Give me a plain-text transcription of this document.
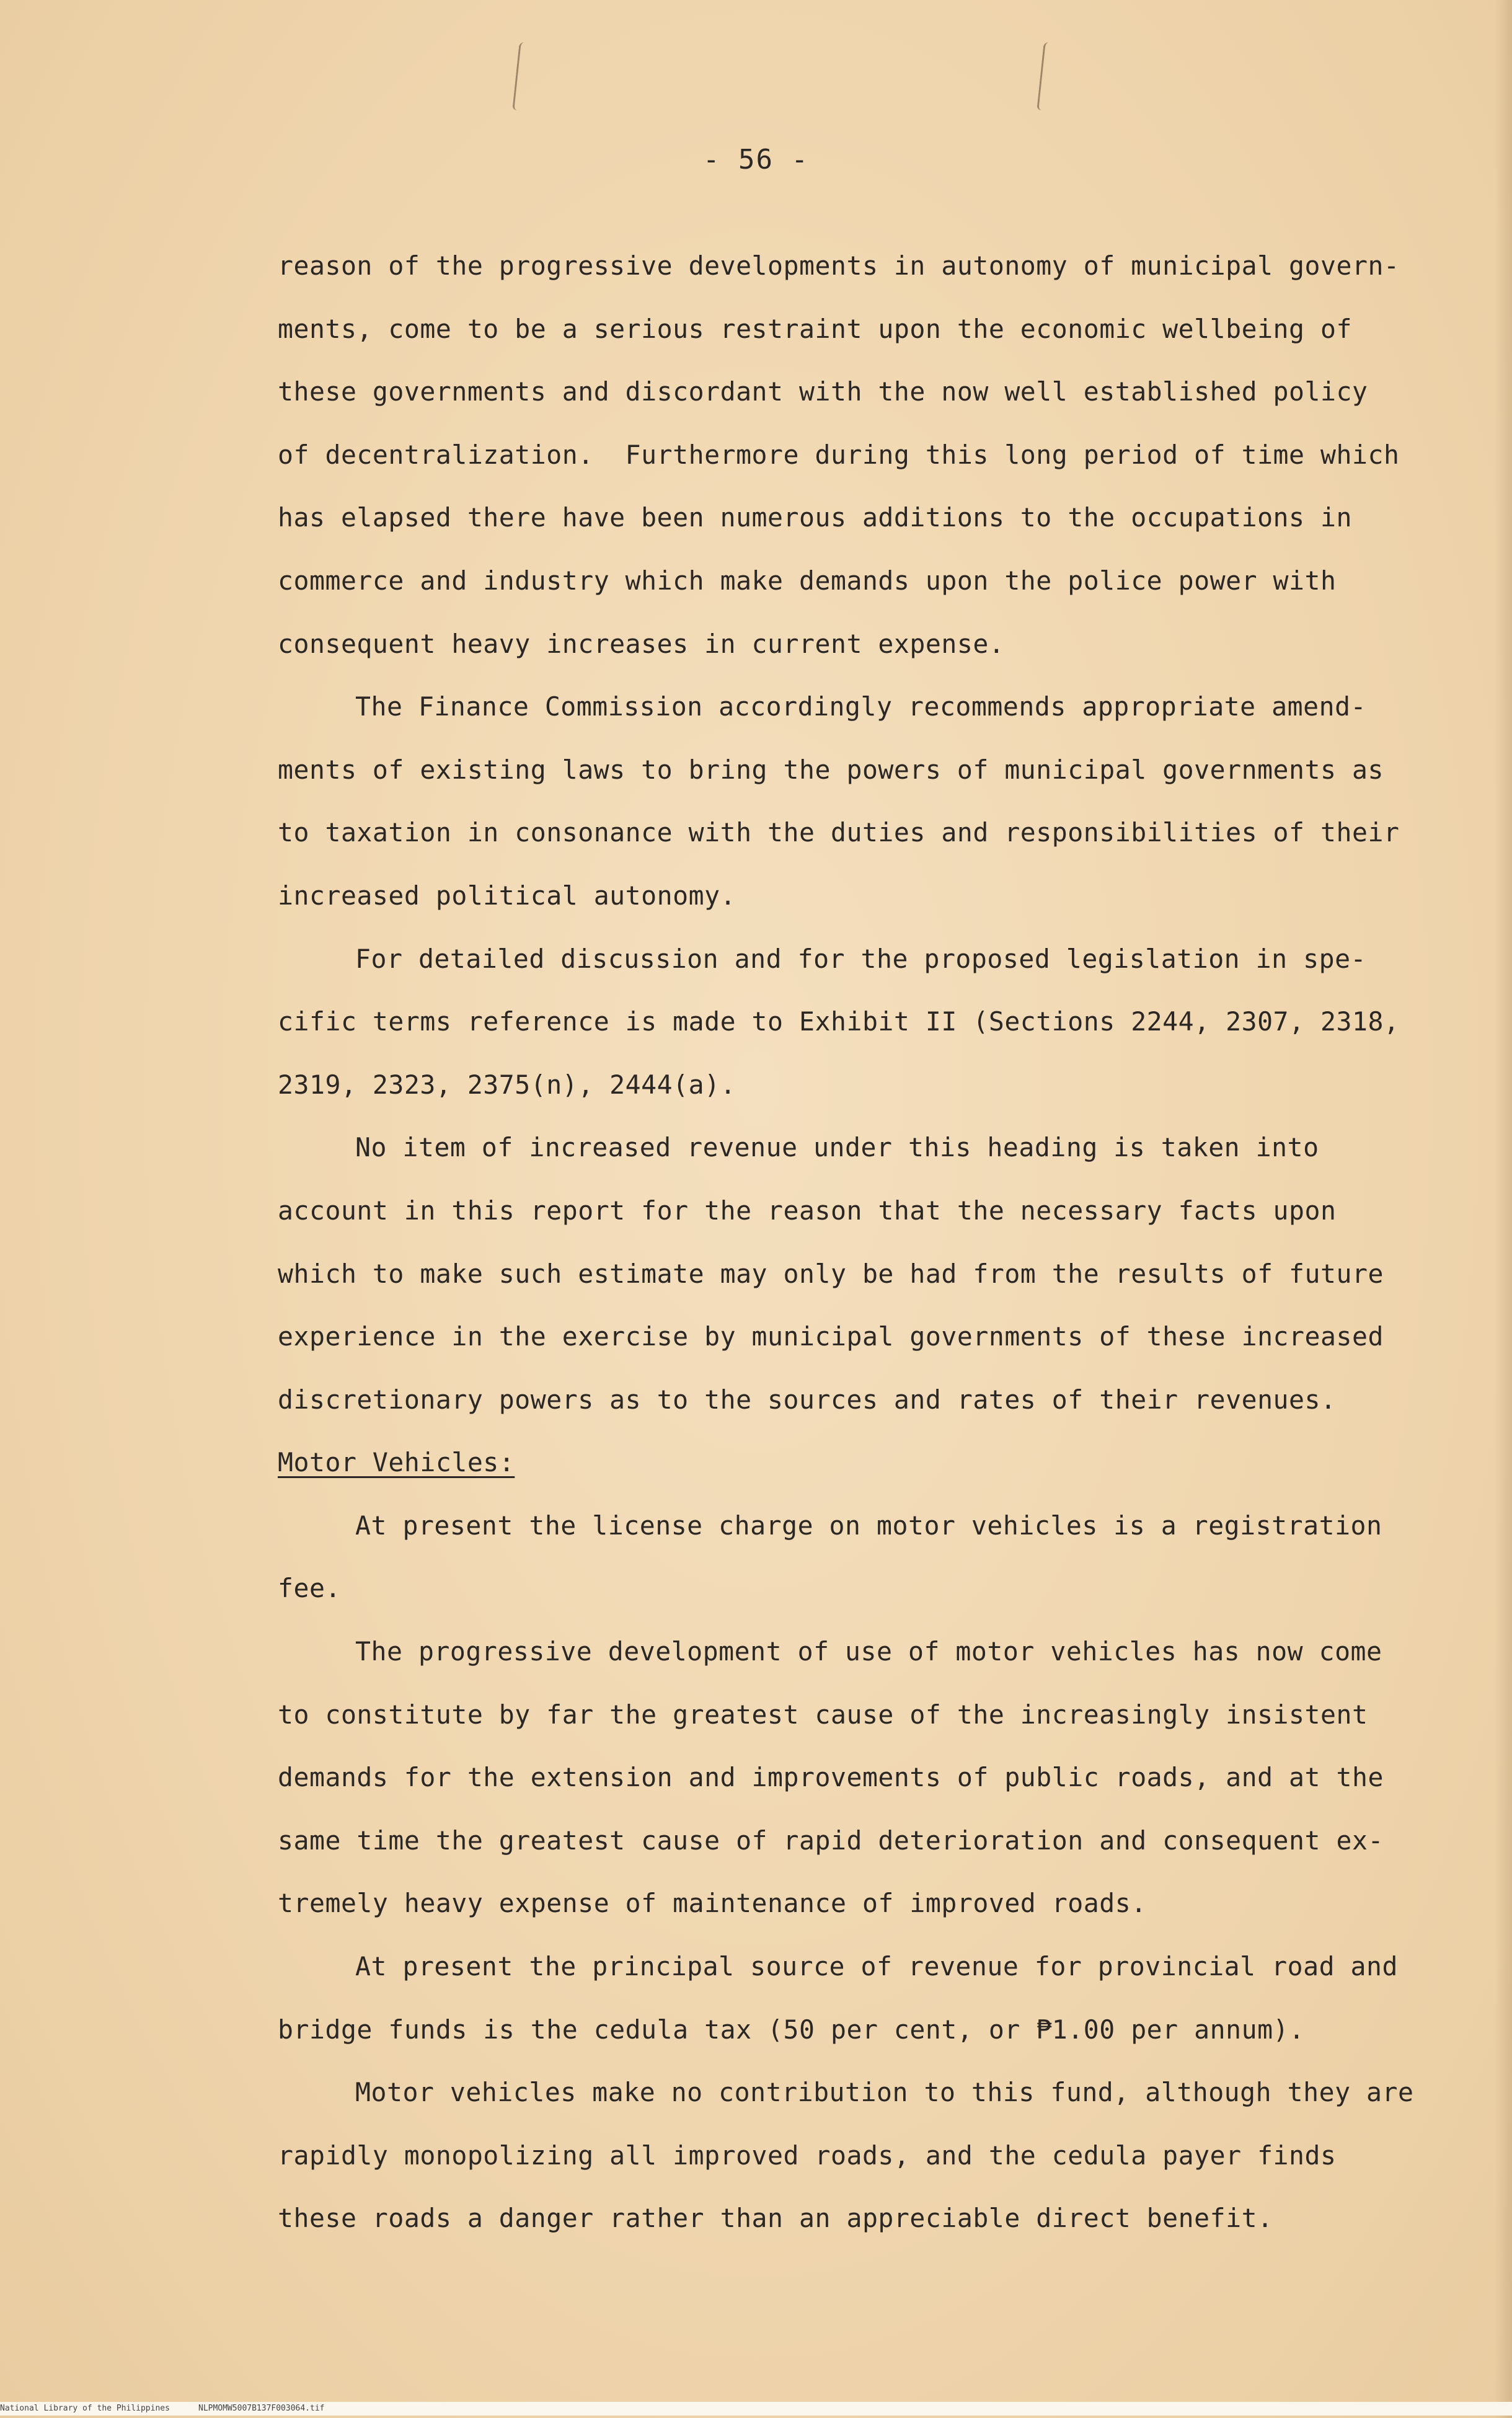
- 56 -
reason of the progressive developments in autonomy of municipal govern-
ments, come to be a serious restraint upon the economic wellbeing of
these governments and discordant with the now well established policy
of decentralization.  Furthermore during this long period of time which
has elapsed there have been numerous additions to the occupations in
commerce and industry which make demands upon the police power with
consequent heavy increases in current expense.
The Finance Commission accordingly recommends appropriate amend-
ments of existing laws to bring the powers of municipal governments as
to taxation in consonance with the duties and responsibilities of their
increased political autonomy.
For detailed discussion and for the proposed legislation in spe-
cific terms reference is made to Exhibit II (Sections 2244, 2307, 2318,
2319, 2323, 2375(n), 2444(a).
No item of increased revenue under this heading is taken into
account in this report for the reason that the necessary facts upon
which to make such estimate may only be had from the results of future
experience in the exercise by municipal governments of these increased
discretionary powers as to the sources and rates of their revenues.
Motor Vehicles:
At present the license charge on motor vehicles is a registration
fee.
The progressive development of use of motor vehicles has now come
to constitute by far the greatest cause of the increasingly insistent
demands for the extension and improvements of public roads, and at the
same time the greatest cause of rapid deterioration and consequent ex-
tremely heavy expense of maintenance of improved roads.
At present the principal source of revenue for provincial road and
bridge funds is the cedula tax (50 per cent, or ₱1.00 per annum).
Motor vehicles make no contribution to this fund, although they are
rapidly monopolizing all improved roads, and the cedula payer finds
these roads a danger rather than an appreciable direct benefit.
National Library of the Philippines	NLPMOMW5007B137F003064.tif
